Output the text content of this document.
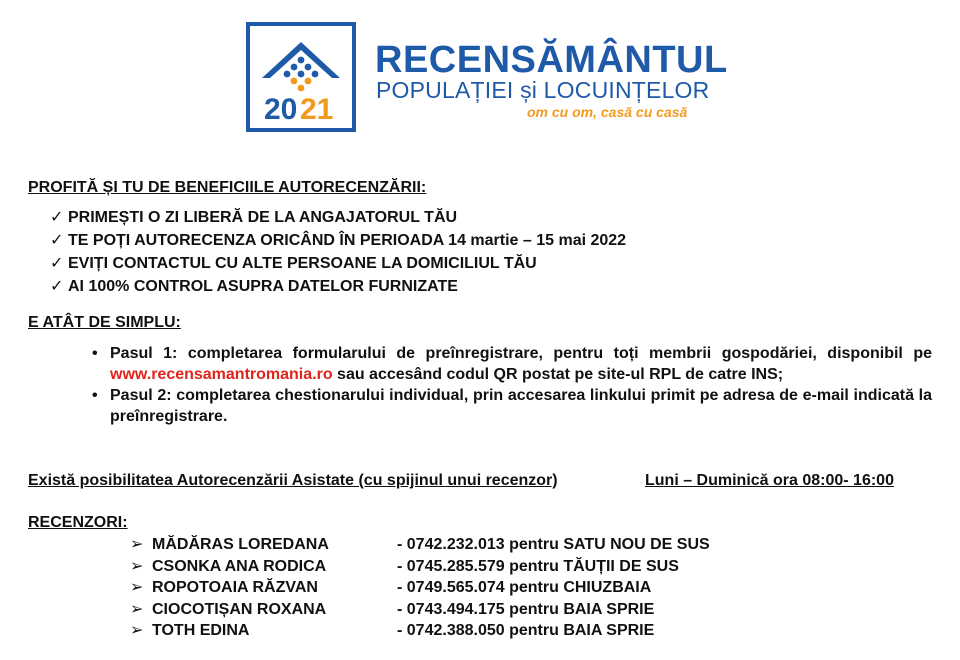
20 21
RECENSĂMÂNTUL
POPULAȚIEI și LOCUINȚELOR
om cu om, casă cu casă
PROFITĂ ȘI TU DE BENEFICIILE AUTORECENZĂRII:
✓ PRIMEȘTI O ZI LIBERĂ DE LA ANGAJATORUL TĂU
✓ TE POȚI AUTORECENZA ORICÂND ÎN PERIOADA 14 martie – 15 mai 2022
✓ EVIȚI CONTACTUL CU ALTE PERSOANE LA DOMICILIUL TĂU
✓ AI 100% CONTROL ASUPRA DATELOR FURNIZATE
E ATÂT DE SIMPLU:
• Pasul 1: completarea formularului de preînregistrare, pentru toți membrii gospodăriei, disponibil pe www.recensamantromania.ro sau accesând codul QR postat pe site-ul RPL de catre INS;
• Pasul 2: completarea chestionarului individual, prin accesarea linkului primit pe adresa de e-mail indicată la preînregistrare.
Există posibilitatea Autorecenzării Asistate (cu spijinul unui recenzor)	Luni – Duminică ora 08:00- 16:00
RECENZORI:
➢ MĂDĂRAS LOREDANA	- 0742.232.013 pentru SATU NOU DE SUS
➢ CSONKA ANA RODICA	- 0745.285.579 pentru TĂUȚII DE SUS
➢ ROPOTOAIA RĂZVAN	- 0749.565.074 pentru CHIUZBAIA
➢ CIOCOTIȘAN ROXANA	- 0743.494.175 pentru BAIA SPRIE
➢ TOTH EDINA	- 0742.388.050 pentru BAIA SPRIE
